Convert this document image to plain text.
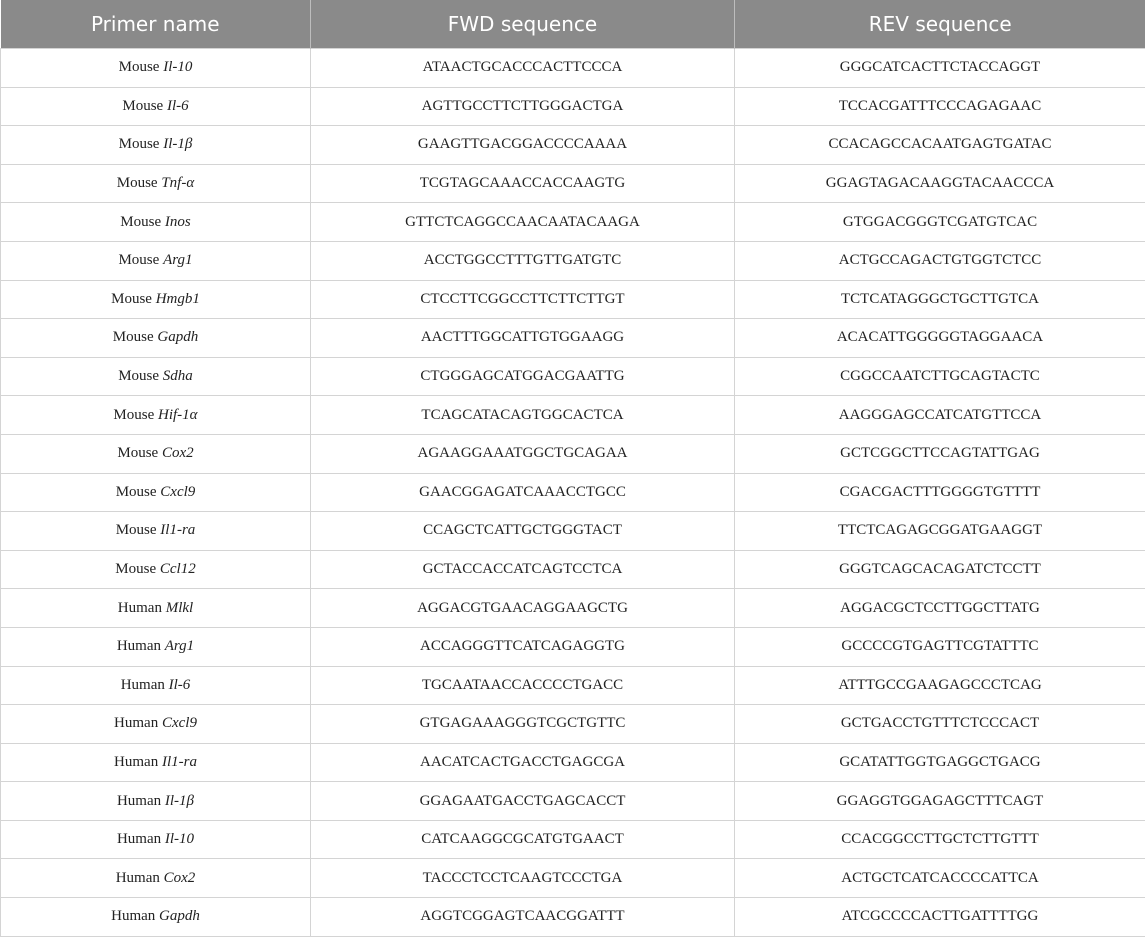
Primer name	FWD sequence	REV sequence
Mouse Il-10	ATAACTGCACCCACTTCCCA	GGGCATCACTTCTACCAGGT
Mouse Il-6	AGTTGCCTTCTTGGGACTGA	TCCACGATTTCCCAGAGAAC
Mouse Il-1β	GAAGTTGACGGACCCCAAAA	CCACAGCCACAATGAGTGATAC
Mouse Tnf-α	TCGTAGCAAACCACCAAGTG	GGAGTAGACAAGGTACAACCCA
Mouse Inos	GTTCTCAGGCCAACAATACAAGA	GTGGACGGGTCGATGTCAC
Mouse Arg1	ACCTGGCCTTTGTTGATGTC	ACTGCCAGACTGTGGTCTCC
Mouse Hmgb1	CTCCTTCGGCCTTCTTCTTGT	TCTCATAGGGCTGCTTGTCA
Mouse Gapdh	AACTTTGGCATTGTGGAAGG	ACACATTGGGGGTAGGAACA
Mouse Sdha	CTGGGAGCATGGACGAATTG	CGGCCAATCTTGCAGTACTC
Mouse Hif-1α	TCAGCATACAGTGGCACTCA	AAGGGAGCCATCATGTTCCA
Mouse Cox2	AGAAGGAAATGGCTGCAGAA	GCTCGGCTTCCAGTATTGAG
Mouse Cxcl9	GAACGGAGATCAAACCTGCC	CGACGACTTTGGGGTGTTTT
Mouse Il1-ra	CCAGCTCATTGCTGGGTACT	TTCTCAGAGCGGATGAAGGT
Mouse Ccl12	GCTACCACCATCAGTCCTCA	GGGTCAGCACAGATCTCCTT
Human Mlkl	AGGACGTGAACAGGAAGCTG	AGGACGCTCCTTGGCTTATG
Human Arg1	ACCAGGGTTCATCAGAGGTG	GCCCCGTGAGTTCGTATTTC
Human Il-6	TGCAATAACCACCCCTGACC	ATTTGCCGAAGAGCCCTCAG
Human Cxcl9	GTGAGAAAGGGTCGCTGTTC	GCTGACCTGTTTCTCCCACT
Human Il1-ra	AACATCACTGACCTGAGCGA	GCATATTGGTGAGGCTGACG
Human Il-1β	GGAGAATGACCTGAGCACCT	GGAGGTGGAGAGCTTTCAGT
Human Il-10	CATCAAGGCGCATGTGAACT	CCACGGCCTTGCTCTTGTTT
Human Cox2	TACCCTCCTCAAGTCCCTGA	ACTGCTCATCACCCCATTCA
Human Gapdh	AGGTCGGAGTCAACGGATTT	ATCGCCCCACTTGATTTTGG
